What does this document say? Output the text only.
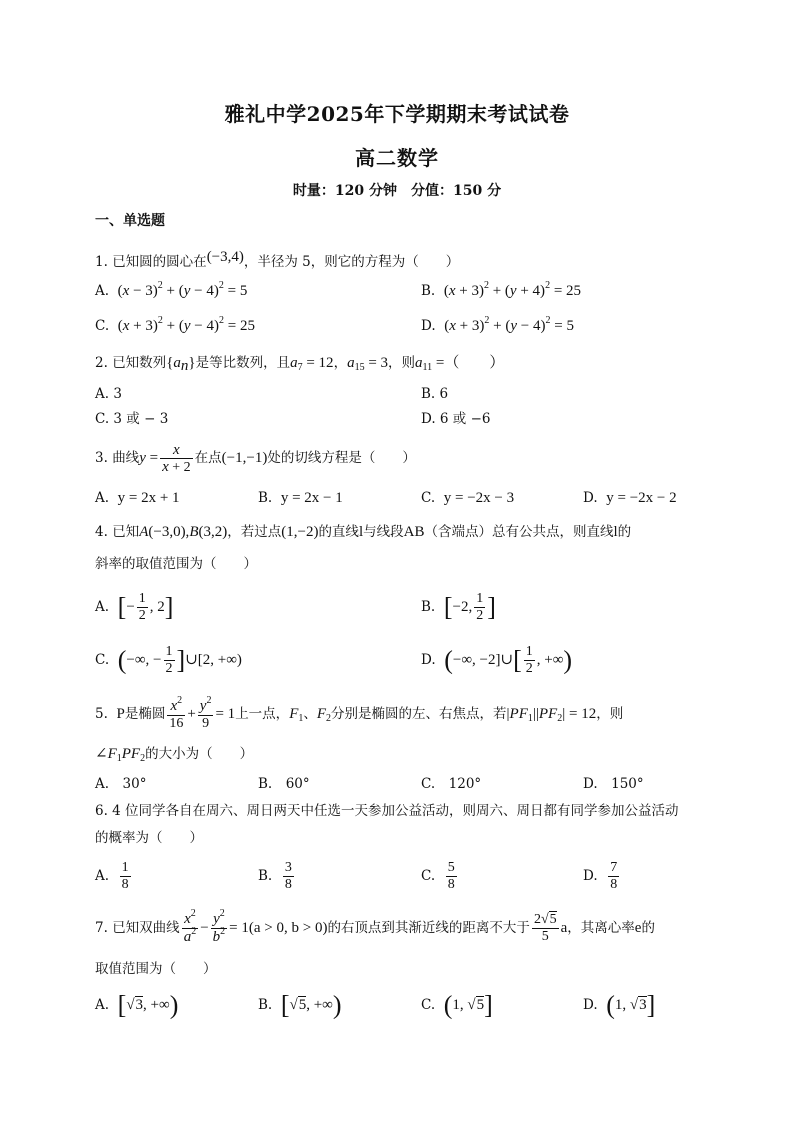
雅礼中学2025年下学期期末考试试卷
高二数学
时量：120 分钟 分值：150 分
一、单选题
1. 已知圆的圆心在(−3,4)，半径为 5，则它的方程为（　　）
A. $(x - 3)^2 + (y - 4)^2 = 5$	B. $(x + 3)^2 + (y + 4)^2 = 25$
C. $(x + 3)^2 + (y - 4)^2 = 25$	D. $(x + 3)^2 + (y - 4)^2 = 5$
2. 已知数列$\{a_n\}$是等比数列，且$a_7 = 12$，$a_{15} = 3$，则$a_{11}$ =（　　）
A. 3	B. 6
C. 3 或 − 3	D. 6 或 −6
3. 曲线$y = \frac{x}{x + 2}$ 在点(−1,−1)处的切线方程是（　　）
A. y = 2x + 1	B. y = 2x − 1	C. y = −2x − 3	D. y = −2x − 2
4. 已知A(−3,0),B(3,2)，若过点(1,−2)的直线l与线段AB（含端点）总有公共点，则直线l的
斜率的取值范围为（　　）
A. [− $\frac{1}{2}$ , 2]	B. [−2, $\frac{1}{2}$ ]
C. (−∞, − $\frac{1}{2}$ ]∪[2, +∞)	D. (−∞, −2]∪[ $\frac{1}{2}$ , +∞)
5. P是椭圆 $\frac{x^2}{16} + \frac{y^2}{9} = 1$上一点，$F_1$、$F_2$分别是椭圆的左、右焦点，若$|PF_1||PF_2| = 12$，则
$\angle F_1PF_2$的大小为（　　）
A.　30°	B.　60°	C.　120°	D.　150°
6. 4 位同学各自在周六、周日两天中任选一天参加公益活动，则周六、周日都有同学参加公益活动
的概率为（　　）
A. $\frac{1}{8}$	B. $\frac{3}{8}$	C. $\frac{5}{8}$	D. $\frac{7}{8}$
7. 已知双曲线 $\frac{x^2}{a^2} - \frac{y^2}{b^2} = 1(a > 0$, b > 0)的右顶点到其渐近线的距离不大于 $\frac{2√5}{5}$ a，其离心率e的
取值范围为（　　）
A. [√3, +∞)	B. [√5, +∞)	C. (1, √5]	D. (1, √3]
